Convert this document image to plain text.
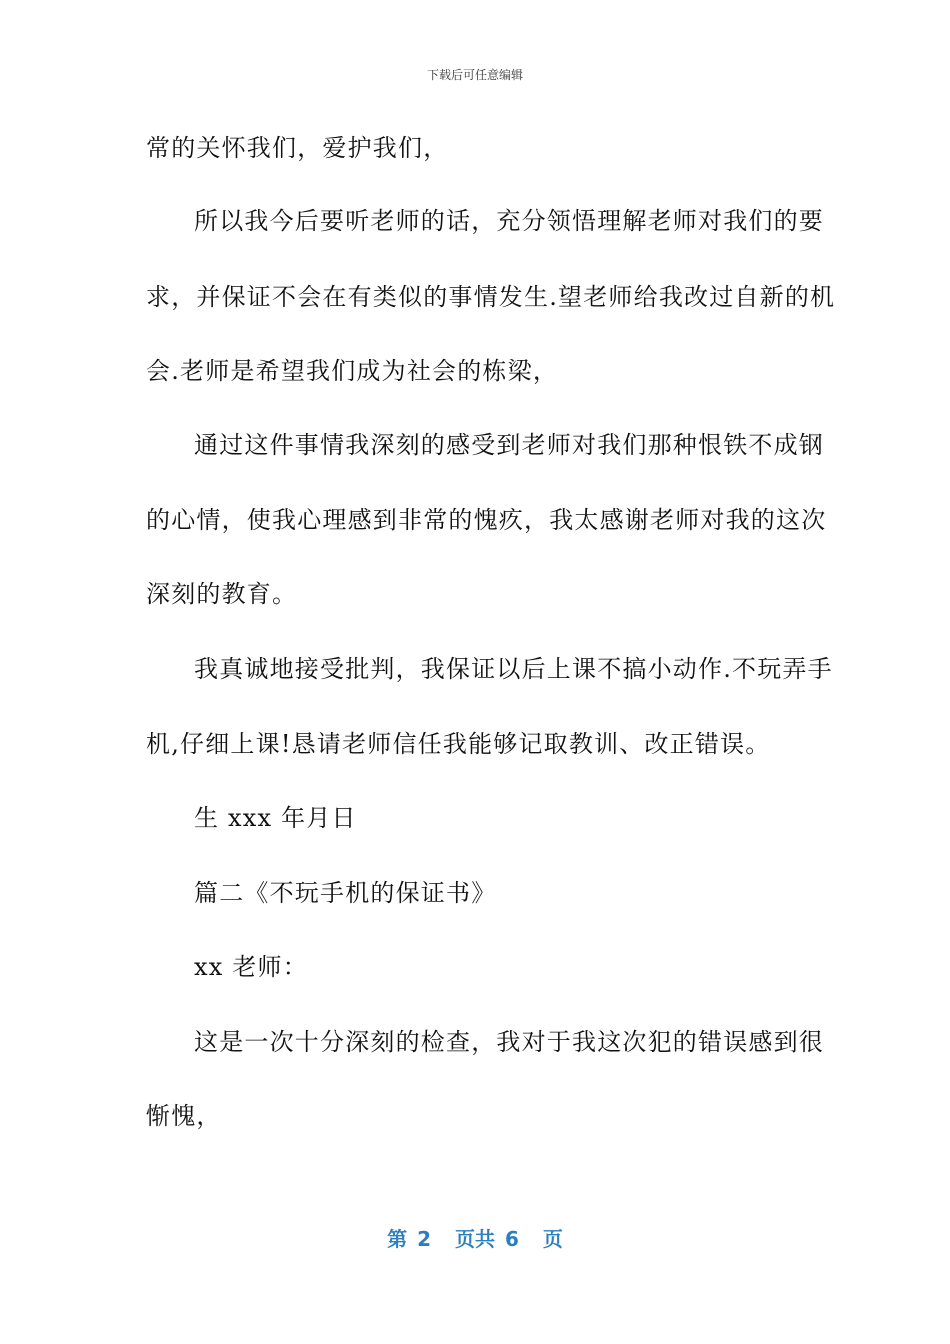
下载后可任意编辑
常的关怀我们，爱护我们，
所以我今后要听老师的话，充分领悟理解老师对我们的要
求，并保证不会在有类似的事情发生.望老师给我改过自新的机
会.老师是希望我们成为社会的栋梁，
通过这件事情我深刻的感受到老师对我们那种恨铁不成钢
的心情，使我心理感到非常的愧疚，我太感谢老师对我的这次
深刻的教育。
我真诚地接受批判，我保证以后上课不搞小动作.不玩弄手
机,仔细上课!恳请老师信任我能够记取教训、改正错误。
生 xxx 年月日
篇二《不玩手机的保证书》
xx 老师：
这是一次十分深刻的检查，我对于我这次犯的错误感到很
惭愧，
第 2 页共 6 页
